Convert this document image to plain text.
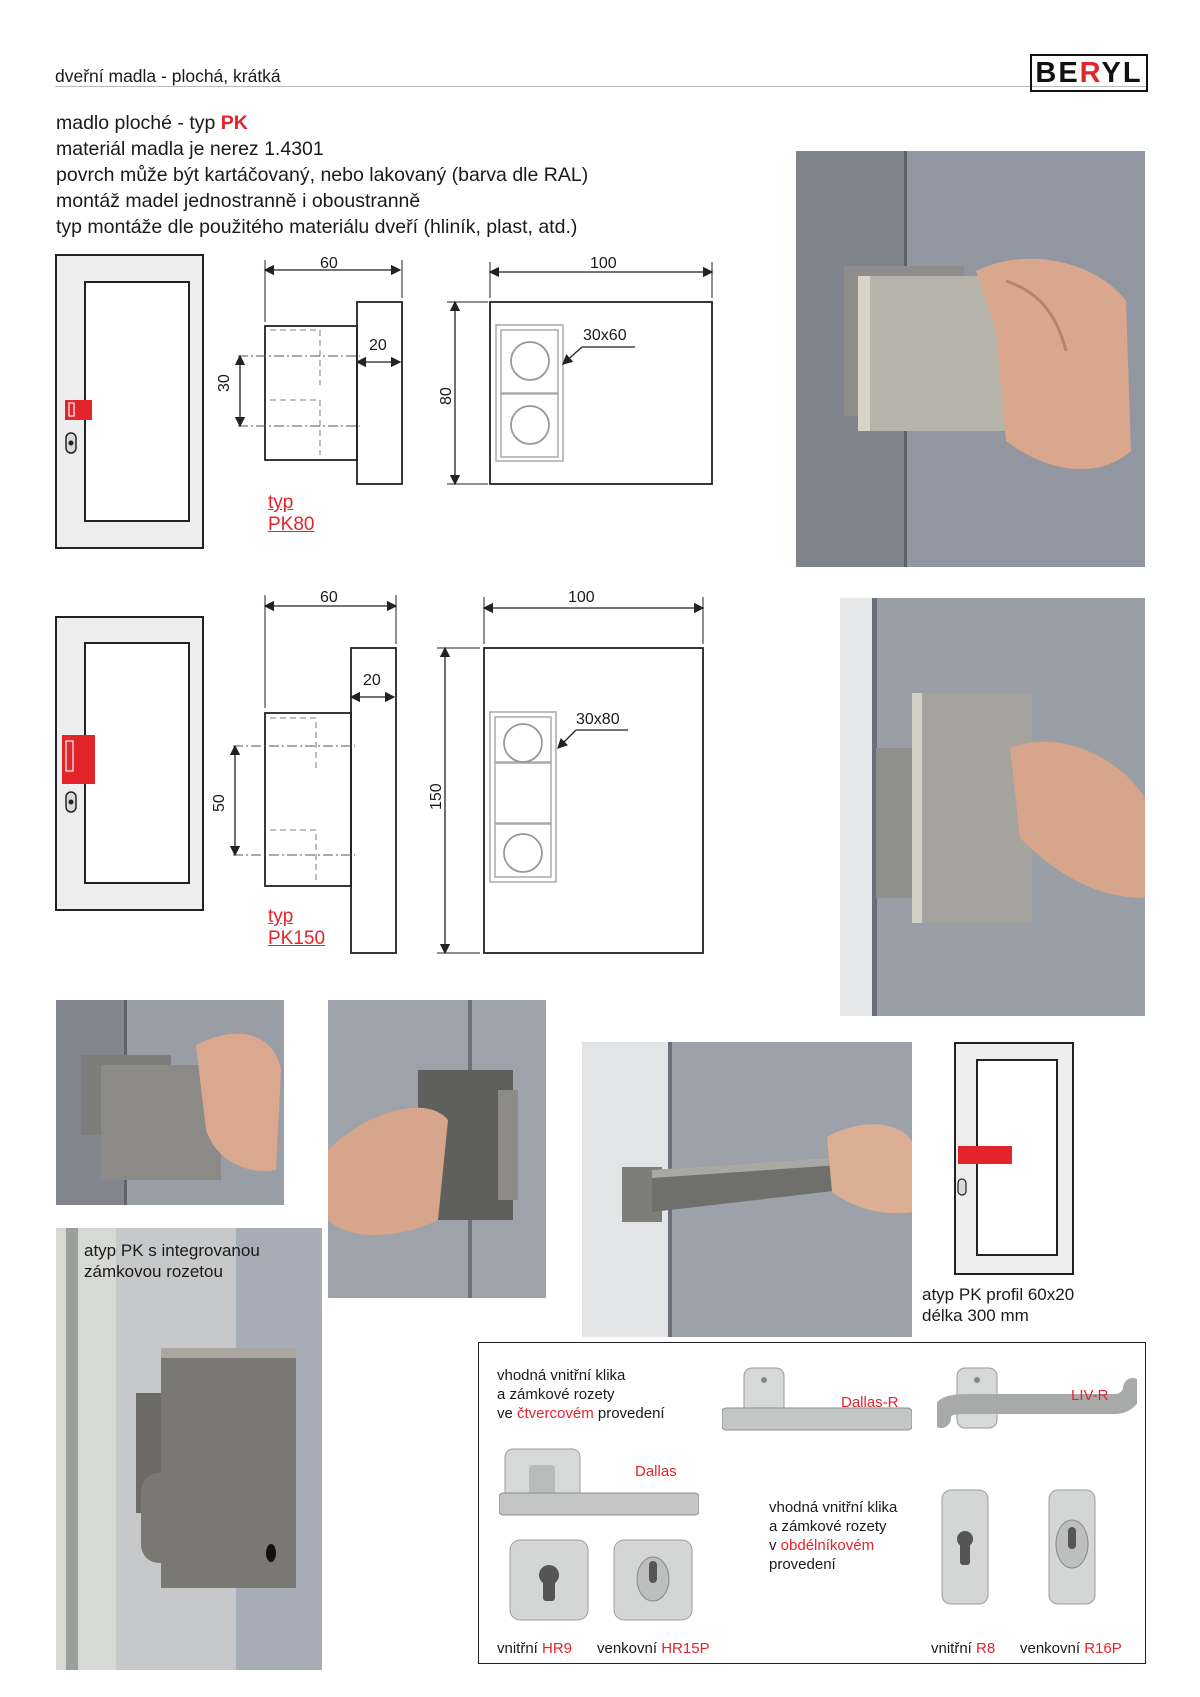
dveřní madla - plochá, krátká	BERYL

madlo ploché - typ PK

materiál madla je nerez 1.4301

povrch může být kartáčovaný, nebo lakovaný (barva dle RAL)

montáž madel jednostranně i oboustranně

typ montáže dle použitého materiálu dveří (hliník, plast, atd.)

60
20
30
100
80
30x60
typ
PK80
60
20
50
100
150
30x80
typ
PK150
atyp PK s integrovanou
zámkovou rozetou
atyp PK profil 60x20
délka 300 mm
vhodná vnitřní klika
a zámkové rozety
ve čtvercovém provedení
Dallas
vnitřní HR9 venkovní HR15P
Dallas-R	LIV-R
vhodná vnitřní klika
a zámkové rozety
v obdélníkovém
provedení
vnitřní R8 venkovní R16P
